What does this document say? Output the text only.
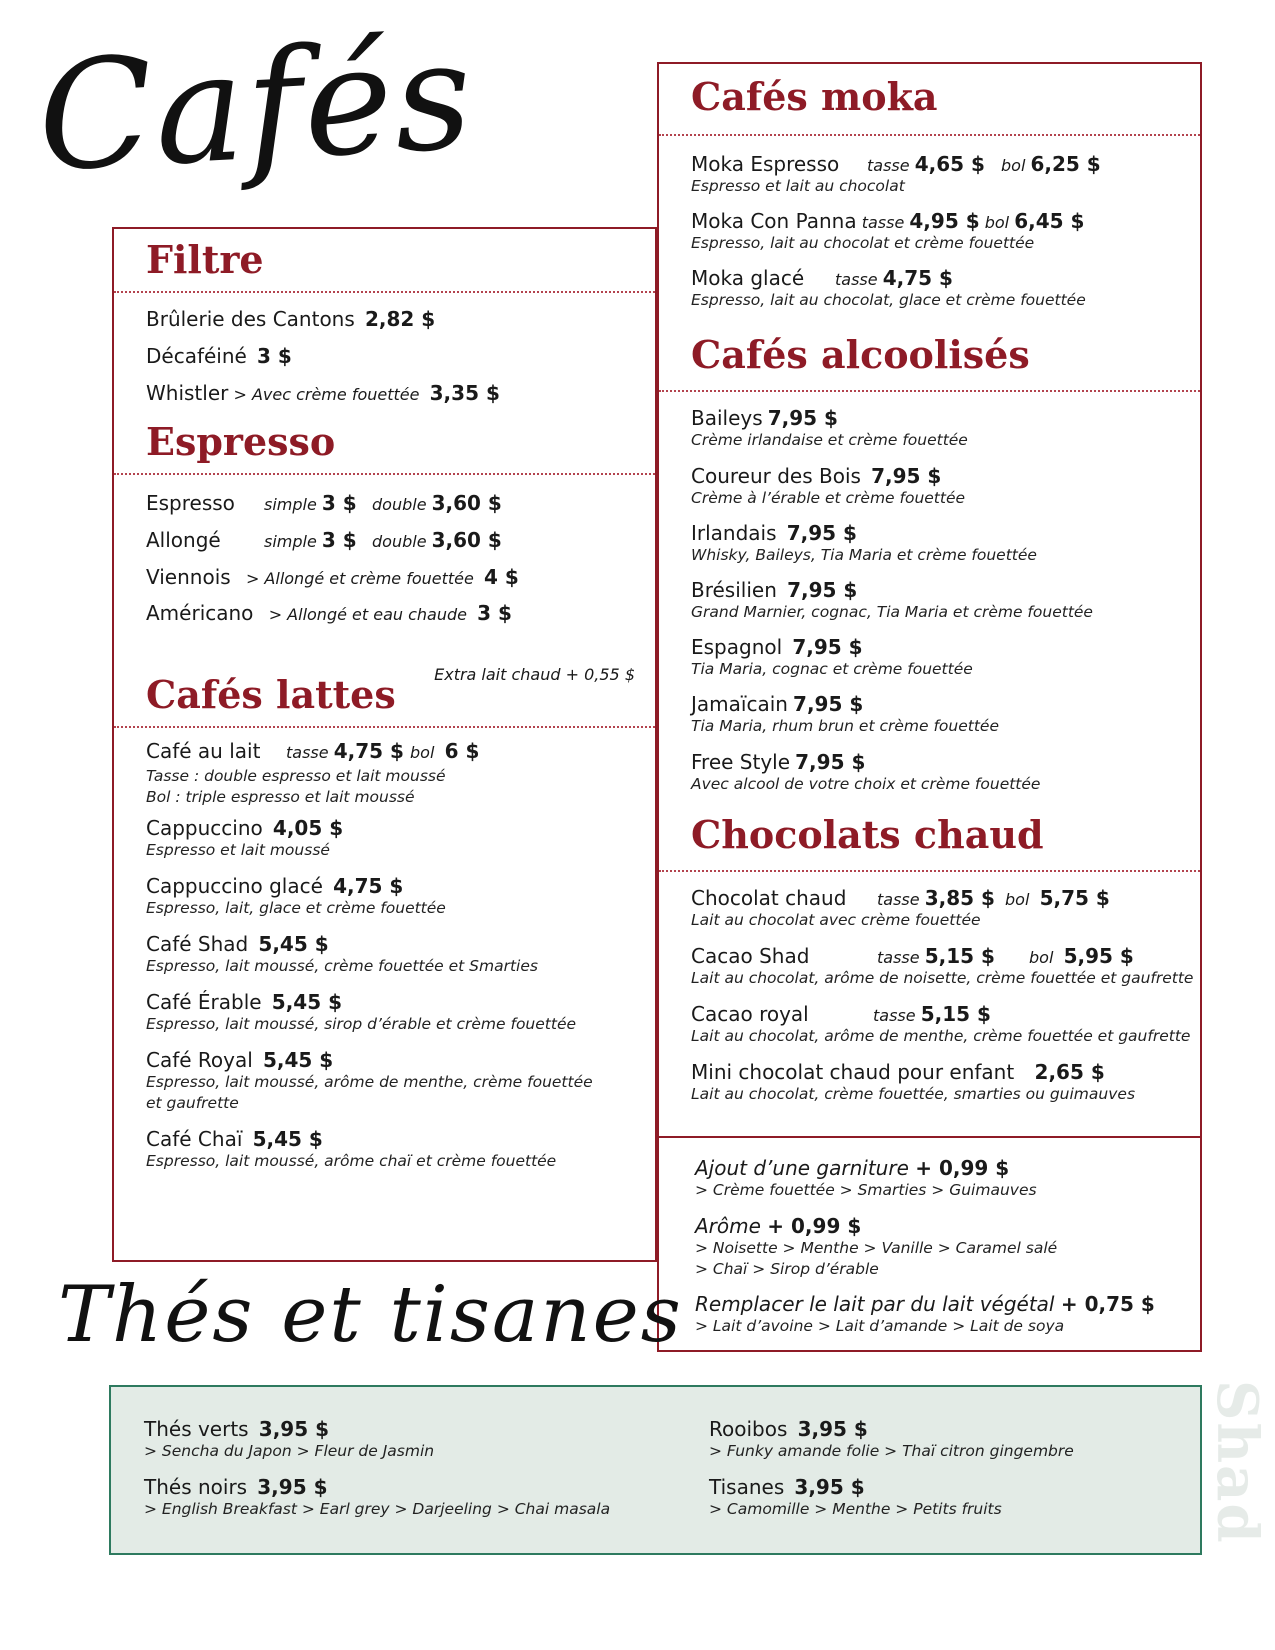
Cafés
Filtre
Brûlerie des Cantons 2,82 $
Décaféiné 3 $
Whistler > Avec crème fouettée 3,35 $
Espresso
Espresso simple 3 $ double 3,60 $
Allongé	simple 3 $ double 3,60 $
Viennois > Allongé et crème fouettée 4 $
Américano > Allongé et eau chaude 3 $
Extra lait chaud + 0,55 $
Cafés lattes
Café au lait tasse 4,75 $ bol 6 $
Tasse : double espresso et lait moussé
Bol : triple espresso et lait moussé
Cappuccino 4,05 $
Espresso et lait moussé
Cappuccino glacé 4,75 $
Espresso, lait, glace et crème fouettée
Café Shad 5,45 $
Espresso, lait moussé, crème fouettée et Smarties
Café Érable 5,45 $
Espresso, lait moussé, sirop d’érable et crème fouettée
Café Royal 5,45 $
Espresso, lait moussé, arôme de menthe, crème fouettée
et gaufrette
Café Chaï 5,45 $
Espresso, lait moussé, arôme chaï et crème fouettée
Cafés moka
Moka Espresso tasse 4,65 $ bol 6,25 $
Espresso et lait au chocolat
Moka Con Panna tasse 4,95 $ bol 6,45 $
Espresso, lait au chocolat et crème fouettée
Moka glacé tasse 4,75 $
Espresso, lait au chocolat, glace et crème fouettée
Cafés alcoolisés
Baileys 7,95 $
Crème irlandaise et crème fouettée
Coureur des Bois 7,95 $
Crème à l’érable et crème fouettée
Irlandais 7,95 $
Whisky, Baileys, Tia Maria et crème fouettée
Brésilien 7,95 $
Grand Marnier, cognac, Tia Maria et crème fouettée
Espagnol 7,95 $
Tia Maria, cognac et crème fouettée
Jamaïcain 7,95 $
Tia Maria, rhum brun et crème fouettée
Free Style 7,95 $
Avec alcool de votre choix et crème fouettée
Chocolats chaud
Chocolat chaud tasse 3,85 $ bol 5,75 $
Lait au chocolat avec crème fouettée
Cacao Shad	tasse 5,15 $ bol 5,95 $
Lait au chocolat, arôme de noisette, crème fouettée et gaufrette
Cacao royal	tasse 5,15 $
Lait au chocolat, arôme de menthe, crème fouettée et gaufrette
Mini chocolat chaud pour enfant 2,65 $
Lait au chocolat, crème fouettée, smarties ou guimauves
Ajout d’une garniture + 0,99 $
> Crème fouettée > Smarties > Guimauves
Arôme + 0,99 $
> Noisette > Menthe > Vanille > Caramel salé
> Chaï > Sirop d’érable
Remplacer le lait par du lait végétal + 0,75 $
> Lait d’avoine > Lait d’amande > Lait de soya
Thés et tisanes
Thés verts 3,95 $
> Sencha du Japon > Fleur de Jasmin
Thés noirs 3,95 $
> English Breakfast > Earl grey > Darjeeling > Chai masala
Rooibos 3,95 $
> Funky amande folie > Thaï citron gingembre
Tisanes 3,95 $
> Camomille > Menthe > Petits fruits	Shad
